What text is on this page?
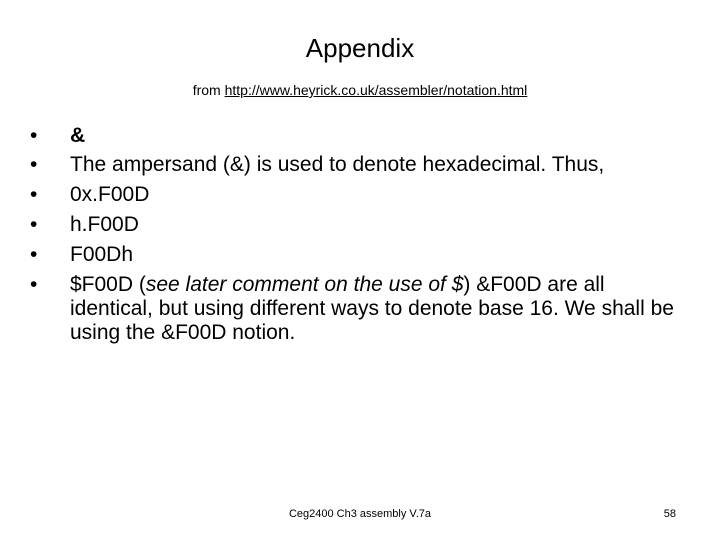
Appendix
from http://www.heyrick.co.uk/assembler/notation.html
• &
• The ampersand (&) is used to denote hexadecimal. Thus,
• 0x.F00D
• h.F00D
• F00Dh
• $F00D (see later comment on the use of $) &F00D are all identical, but using different ways to denote base 16. We shall be using the &F00D notion.
Ceg2400 Ch3 assembly V.7a	58
